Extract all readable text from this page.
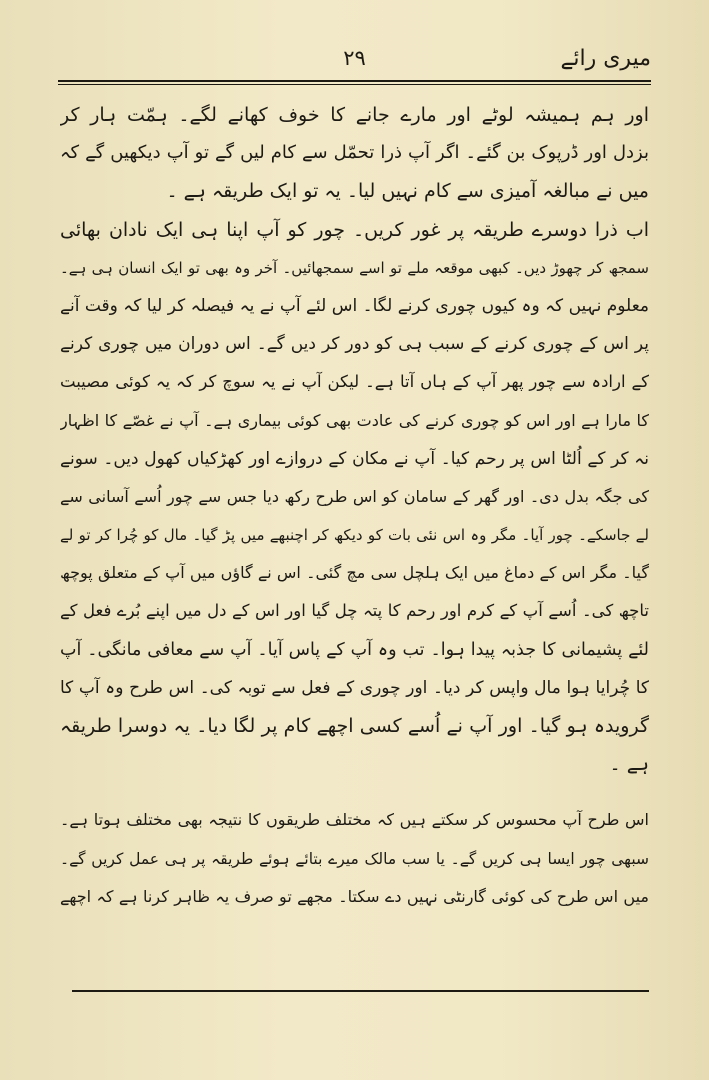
میری رائے
۲۹
اور ہم ہمیشہ لوٹے اور مارے جانے کا خوف کھانے لگے۔ ہمّت ہار کر
بزدل اور ڈرپوک بن گئے۔ اگر آپ ذرا تحمّل سے کام لیں گے تو آپ دیکھیں گے کہ
میں نے مبالغہ آمیزی سے کام نہیں لیا۔ یہ تو ایک طریقہ ہے ۔
اب ذرا دوسرے طریقہ پر غور کریں۔ چور کو آپ اپنا ہی ایک نادان بھائی
سمجھ کر چھوڑ دیں۔ کبھی موقعہ ملے تو اسے سمجھائیں۔ آخر وہ بھی تو ایک انسان ہی ہے۔
معلوم نہیں کہ وہ کیوں چوری کرنے لگا۔ اس لئے آپ نے یہ فیصلہ کر لیا کہ وقت آنے
پر اس کے چوری کرنے کے سبب ہی کو دور کر دیں گے۔ اس دوران میں چوری کرنے
کے ارادہ سے چور پھر آپ کے ہاں آتا ہے۔ لیکن آپ نے یہ سوچ کر کہ یہ کوئی مصیبت
کا مارا ہے اور اس کو چوری کرنے کی عادت بھی کوئی بیماری ہے۔ آپ نے غصّے کا اظہار
نہ کر کے اُلٹا اس پر رحم کیا۔ آپ نے مکان کے دروازے اور کھڑکیاں کھول دیں۔ سونے
کی جگہ بدل دی۔ اور گھر کے سامان کو اس طرح رکھ دیا جس سے چور اُسے آسانی سے
لے جاسکے۔ چور آیا۔ مگر وہ اس نئی بات کو دیکھ کر اچنبھے میں پڑ گیا۔ مال کو چُرا کر تو لے
گیا۔ مگر اس کے دماغ میں ایک ہلچل سی مچ گئی۔ اس نے گاؤں میں آپ کے متعلق پوچھ
تاچھ کی۔ اُسے آپ کے کرم اور رحم کا پتہ چل گیا اور اس کے دل میں اپنے بُرے فعل کے
لئے پشیمانی کا جذبہ پیدا ہوا۔ تب وہ آپ کے پاس آیا۔ آپ سے معافی مانگی۔ آپ
کا چُرایا ہوا مال واپس کر دیا۔ اور چوری کے فعل سے توبہ کی۔ اس طرح وہ آپ کا
گرویدہ ہو گیا۔ اور آپ نے اُسے کسی اچھے کام پر لگا دیا۔ یہ دوسرا طریقہ
ہے ۔
اس طرح آپ محسوس کر سکتے ہیں کہ مختلف طریقوں کا نتیجہ بھی مختلف ہوتا ہے۔
سبھی چور ایسا ہی کریں گے۔ یا سب مالک میرے بتائے ہوئے طریقہ پر ہی عمل کریں گے۔
میں اس طرح کی کوئی گارنٹی نہیں دے سکتا۔ مجھے تو صرف یہ ظاہر کرنا ہے کہ اچھے
